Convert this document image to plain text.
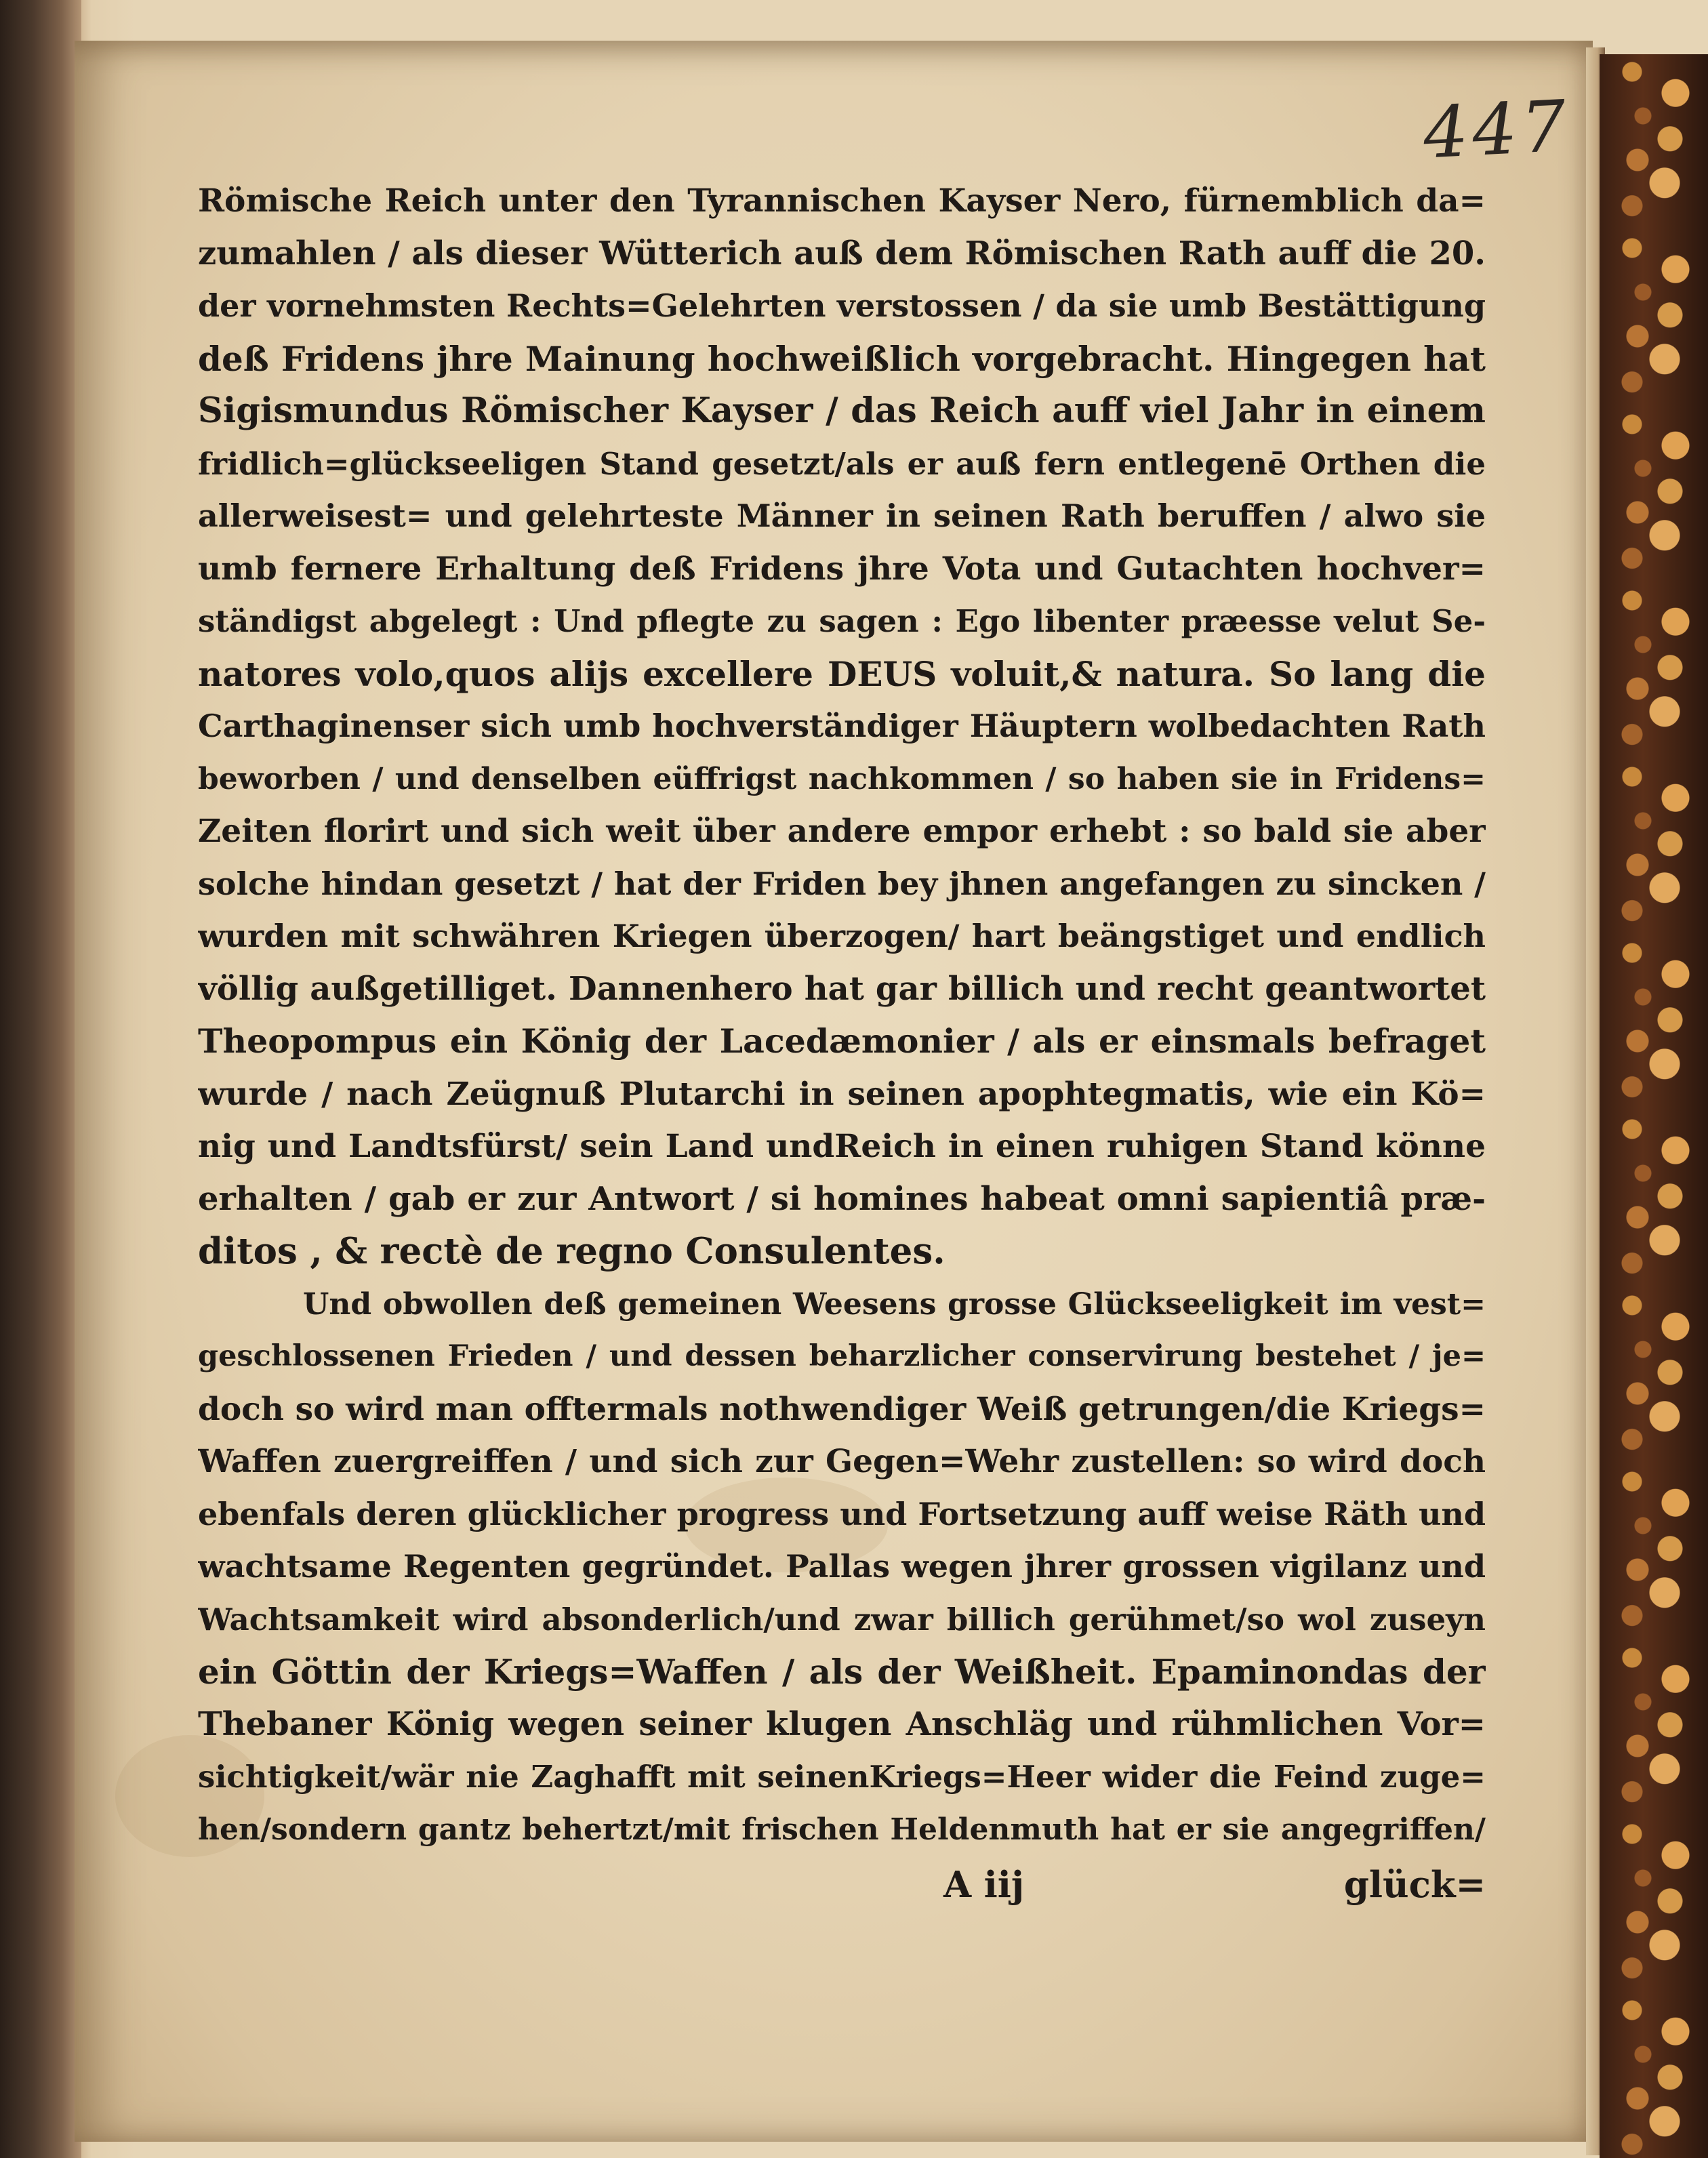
447
Römische Reich unter den Tyrannischen Kayser Nero, fürnemblich da=
zumahlen / als dieser Wütterich auß dem Römischen Rath auff die 20.
der vornehmsten Rechts=Gelehrten verstossen / da sie umb Bestättigung
deß Fridens jhre Mainung hochweißlich vorgebracht. Hingegen hat
Sigismundus Römischer Kayser / das Reich auff viel Jahr in einem
fridlich=glückseeligen Stand gesetzt/als er auß fern entlegenē Orthen die
allerweisest= und gelehrteste Männer in seinen Rath beruffen / alwo sie
umb fernere Erhaltung deß Fridens jhre Vota und Gutachten hochver=
ständigst abgelegt : Und pflegte zu sagen : Ego libenter præesse velut Se-
natores volo,quos alijs excellere DEUS voluit,& natura. So lang die
Carthaginenser sich umb hochverständiger Häuptern wolbedachten Rath
beworben / und denselben eüffrigst nachkommen / so haben sie in Fridens=
Zeiten florirt und sich weit über andere empor erhebt : so bald sie aber
solche hindan gesetzt / hat der Friden bey jhnen angefangen zu sincken /
wurden mit schwähren Kriegen überzogen/ hart beängstiget und endlich
völlig außgetilliget. Dannenhero hat gar billich und recht geantwortet
Theopompus ein König der Lacedæmonier / als er einsmals befraget
wurde / nach Zeügnuß Plutarchi in seinen apophtegmatis, wie ein Kö=
nig und Landtsfürst/ sein Land undReich in einen ruhigen Stand könne
erhalten / gab er zur Antwort / si homines habeat omni sapientiâ præ-
ditos , & rectè de regno Consulentes.
Und obwollen deß gemeinen Weesens grosse Glückseeligkeit im vest=
geschlossenen Frieden / und dessen beharzlicher conservirung bestehet / je=
doch so wird man offtermals nothwendiger Weiß getrungen/die Kriegs=
Waffen zuergreiffen / und sich zur Gegen=Wehr zustellen: so wird doch
ebenfals deren glücklicher progress und Fortsetzung auff weise Räth und
wachtsame Regenten gegründet. Pallas wegen jhrer grossen vigilanz und
Wachtsamkeit wird absonderlich/und zwar billich gerühmet/so wol zuseyn
ein Göttin der Kriegs=Waffen / als der Weißheit. Epaminondas der
Thebaner König wegen seiner klugen Anschläg und rühmlichen Vor=
sichtigkeit/wär nie Zaghafft mit seinenKriegs=Heer wider die Feind zuge=
hen/sondern gantz behertzt/mit frischen Heldenmuth hat er sie angegriffen/
A iij	glück=
